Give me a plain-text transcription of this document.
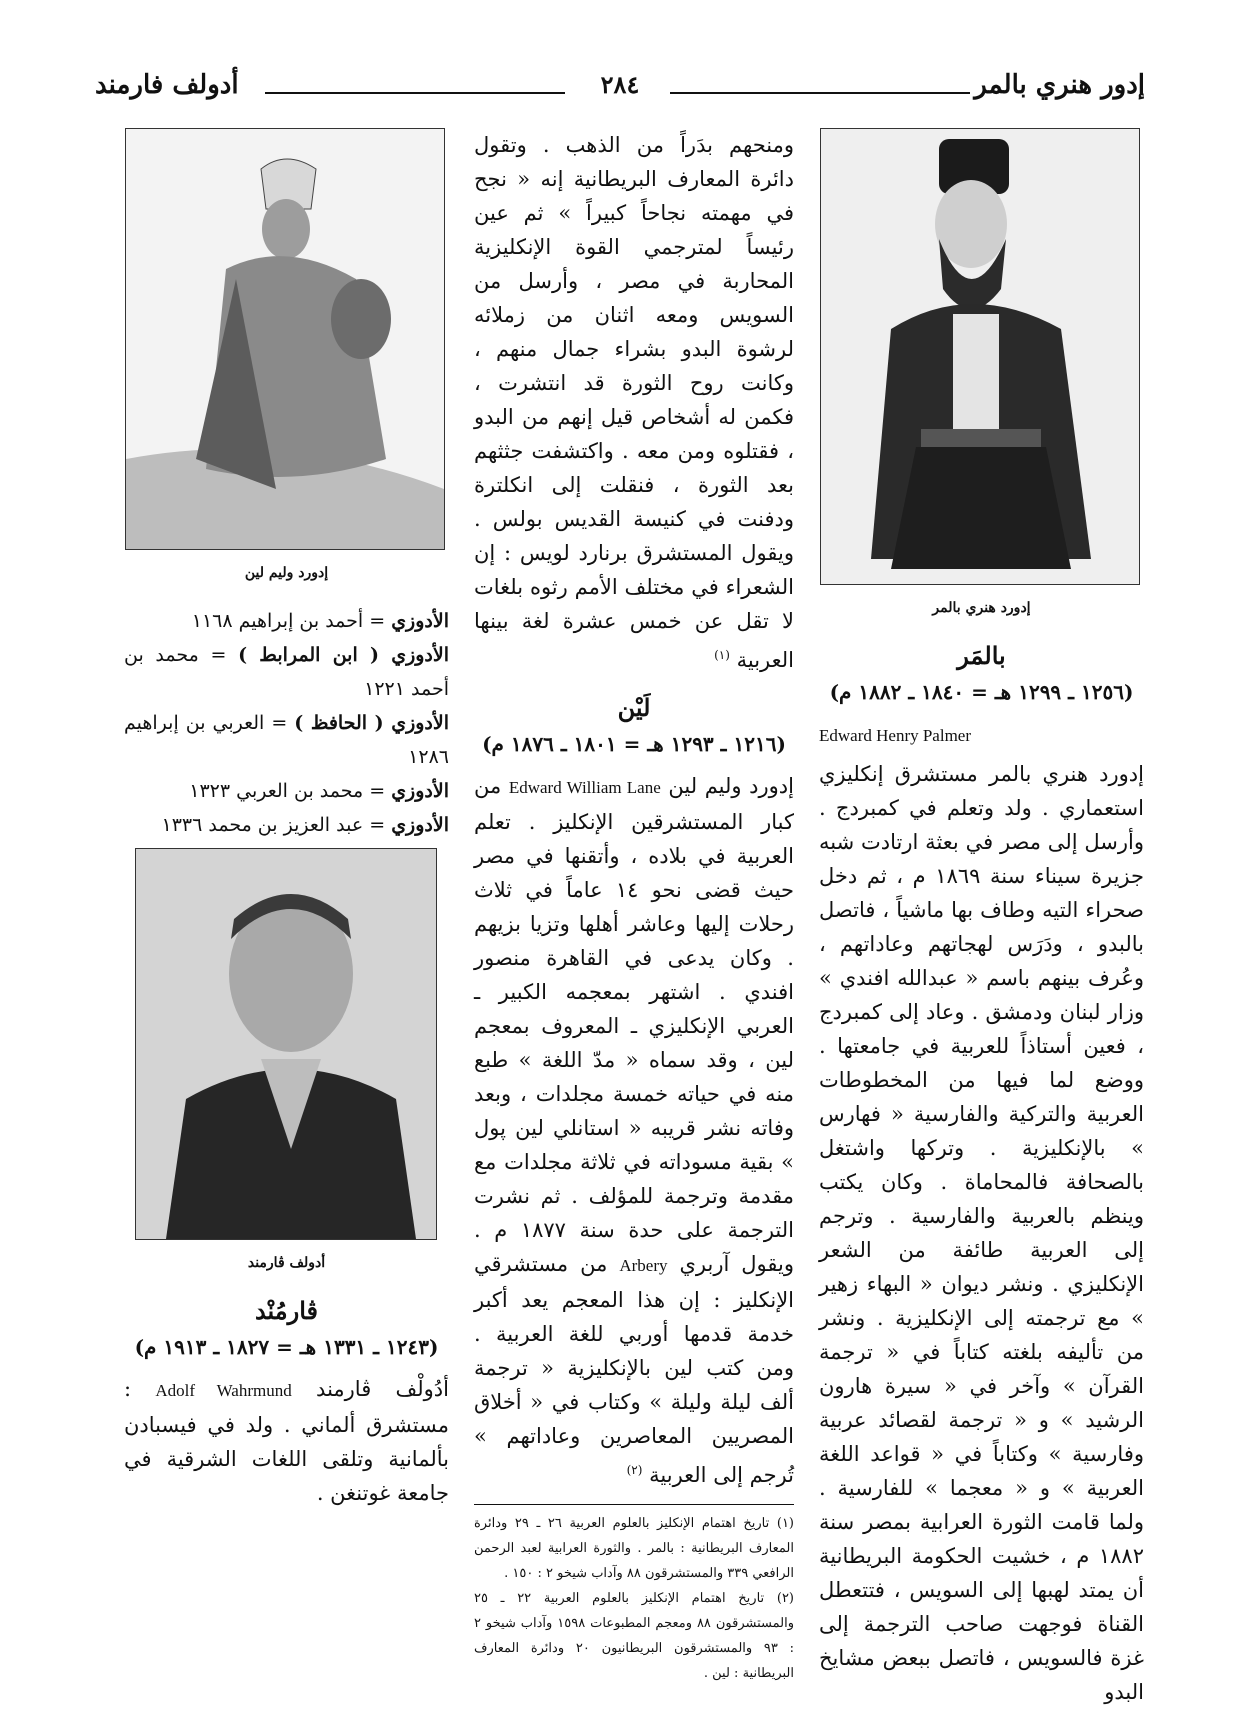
إدور هنري بالمر
٢٨٤
أدولف فارمند
إدورد هنري بالمر
بالمَر
(١٢٥٦ ـ ١٢٩٩ هـ = ١٨٤٠ ـ ١٨٨٢ م)

Edward Henry Palmer

إدورد هنري بالمر مستشرق إنكليزي استعماري . ولد وتعلم في كمبردج . وأرسل إلى مصر في بعثة ارتادت شبه جزيرة سيناء سنة ١٨٦٩ م ، ثم دخل صحراء التيه وطاف بها ماشياً ، فاتصل بالبدو ، ودَرَس لهجاتهم وعاداتهم ، وعُرف بينهم باسم « عبدالله افندي » وزار لبنان ودمشق . وعاد إلى كمبردج ، فعين أستاذاً للعربية في جامعتها . ووضع لما فيها من المخطوطات العربية والتركية والفارسية « فهارس » بالإنكليزية . وتركها واشتغل بالصحافة فالمحاماة . وكان يكتب وينظم بالعربية والفارسية . وترجم إلى العربية طائفة من الشعر الإنكليزي . ونشر ديوان « البهاء زهير » مع ترجمته إلى الإنكليزية . ونشر من تأليفه بلغته كتاباً في « ترجمة القرآن » وآخر في « سيرة هارون الرشيد » و « ترجمة لقصائد عربية وفارسية » وكتاباً في « قواعد اللغة العربية » و « معجما » للفارسية . ولما قامت الثورة العرابية بمصر سنة ١٨٨٢ م ، خشيت الحكومة البريطانية أن يمتد لهبها إلى السويس ، فتتعطل القناة فوجهت صاحب الترجمة إلى غزة فالسويس ، فاتصل ببعض مشايخ البدو

ومنحهم بدَراً من الذهب . وتقول دائرة المعارف البريطانية إنه « نجح في مهمته نجاحاً كبيراً » ثم عين رئيساً لمترجمي القوة الإنكليزية المحاربة في مصر ، وأرسل من السويس ومعه اثنان من زملائه لرشوة البدو بشراء جمال منهم ، وكانت روح الثورة قد انتشرت ، فكمن له أشخاص قيل إنهم من البدو ، فقتلوه ومن معه . واكتشفت جثثهم بعد الثورة ، فنقلت إلى انكلترة ودفنت في كنيسة القديس بولس . ويقول المستشرق برنارد لويس : إن الشعراء في مختلف الأمم رثوه بلغات لا تقل عن خمس عشرة لغة بينها العربية $^{(١)}$

لَيْن
(١٢١٦ ـ ١٢٩٣ هـ = ١٨٠١ ـ ١٨٧٦ م)

إدورد وليم لين Edward William Lane من كبار المستشرقين الإنكليز . تعلم العربية في بلاده ، وأتقنها في مصر حيث قضى نحو ١٤ عاماً في ثلاث رحلات إليها وعاشر أهلها وتزيا بزيهم . وكان يدعى في القاهرة منصور افندي . اشتهر بمعجمه الكبير ـ العربي الإنكليزي ـ المعروف بمعجم لين ، وقد سماه « مدّ اللغة » طبع منه في حياته خمسة مجلدات ، وبعد وفاته نشر قريبه « استانلي لين پول » بقية مسوداته في ثلاثة مجلدات مع مقدمة وترجمة للمؤلف . ثم نشرت الترجمة على حدة سنة ١٨٧٧ م . ويقول آربري Arbery من مستشرقي الإنكليز : إن هذا المعجم يعد أكبر خدمة قدمها أوربي للغة العربية . ومن كتب لين بالإنكليزية « ترجمة ألف ليلة وليلة » وكتاب في « أخلاق المصريين المعاصرين وعاداتهم » تُرجم إلى العربية $^{(٢)}$

(١) تاريخ اهتمام الإنكليز بالعلوم العربية ٢٦ ـ ٢٩ ودائرة المعارف البريطانية : بالمر . والثورة العرابية لعبد الرحمن الرافعي ٣٣٩ والمستشرقون ٨٨ وآداب شيخو ٢ : ١٥٠ .
(٢) تاريخ اهتمام الإنكليز بالعلوم العربية ٢٢ ـ ٢٥ والمستشرقون ٨٨ ومعجم المطبوعات ١٥٩٨ وآداب شيخو ٢ : ٩٣ والمستشرقون البريطانيون ٢٠ ودائرة المعارف البريطانية : لين .
إدورد وليم لين
الأدوزي = أحمد بن إبراهيم ١١٦٨
الأدوزي ( ابن المرابط ) = محمد بن أحمد ١٢٢١
الأدوزي ( الحافظ ) = العربي بن إبراهيم ١٢٨٦
الأدوزي = محمد بن العربي ١٣٢٣
الأدوزي = عبد العزيز بن محمد ١٣٣٦
أدولف ڤارمند
ڤارمُنْد
(١٢٤٣ ـ ١٣٣١ هـ = ١٨٢٧ ـ ١٩١٣ م)

أدُولْف ڤارمند Adolf Wahrmund : مستشرق ألماني . ولد في فيسبادن بألمانية وتلقى اللغات الشرقية في جامعة غوتنغن .
